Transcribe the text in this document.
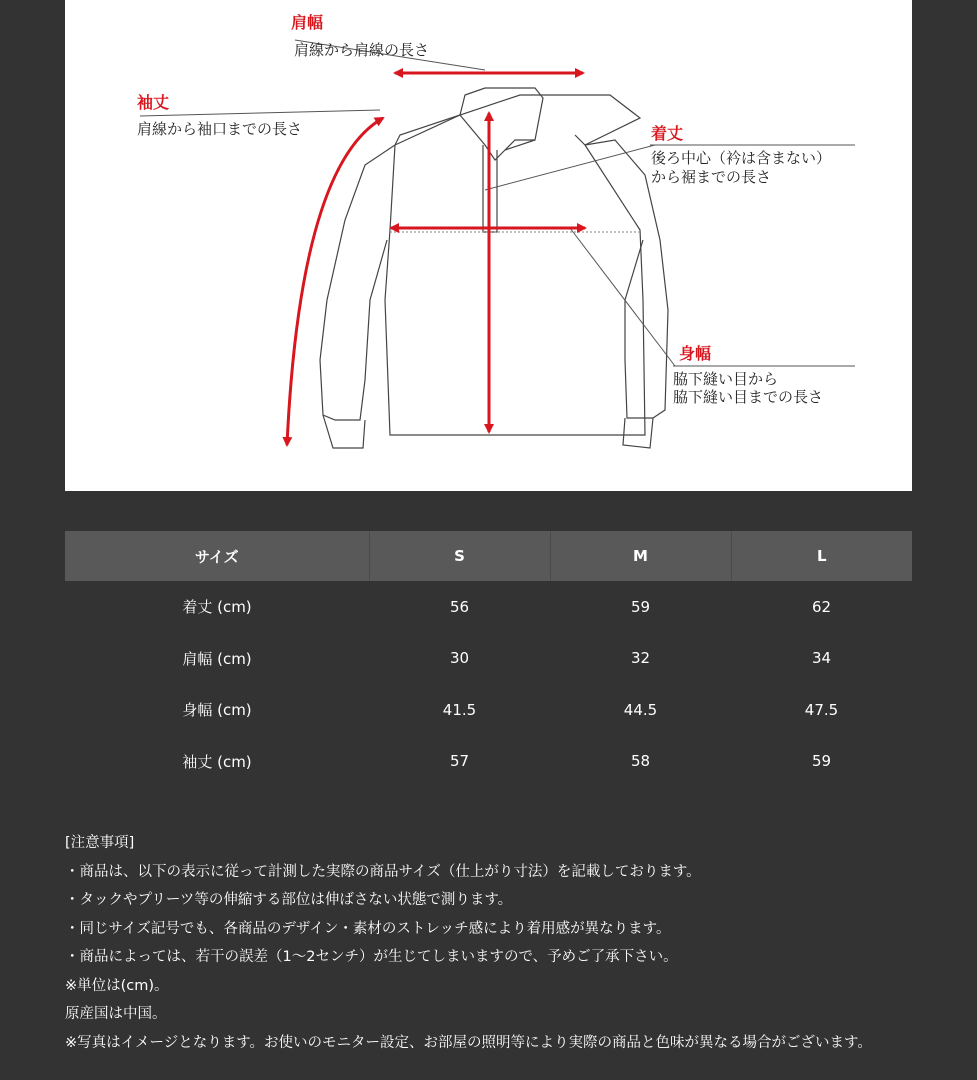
肩幅
肩線から肩線の長さ
袖丈
肩線から袖口までの長さ	着丈
後ろ中心（衿は含まない）
から裾までの長さ
身幅
脇下縫い目から
脇下縫い目までの長さ
サイズ	S	M	L
着丈 (cm)	56	59	62
肩幅 (cm)	30	32	34
身幅 (cm)	41.5	44.5	47.5
袖丈 (cm)	57	58	59
[注意事項]
・商品は、以下の表示に従って計測した実際の商品サイズ（仕上がり寸法）を記載しております。
・タックやプリーツ等の伸縮する部位は伸ばさない状態で測ります。
・同じサイズ記号でも、各商品のデザイン・素材のストレッチ感により着用感が異なります。
・商品によっては、若干の誤差（1〜2センチ）が生じてしまいますので、予めご了承下さい。
※単位は(cm)。
原産国は中国。
※写真はイメージとなります。お使いのモニター設定、お部屋の照明等により実際の商品と色味が異なる場合がございます。
